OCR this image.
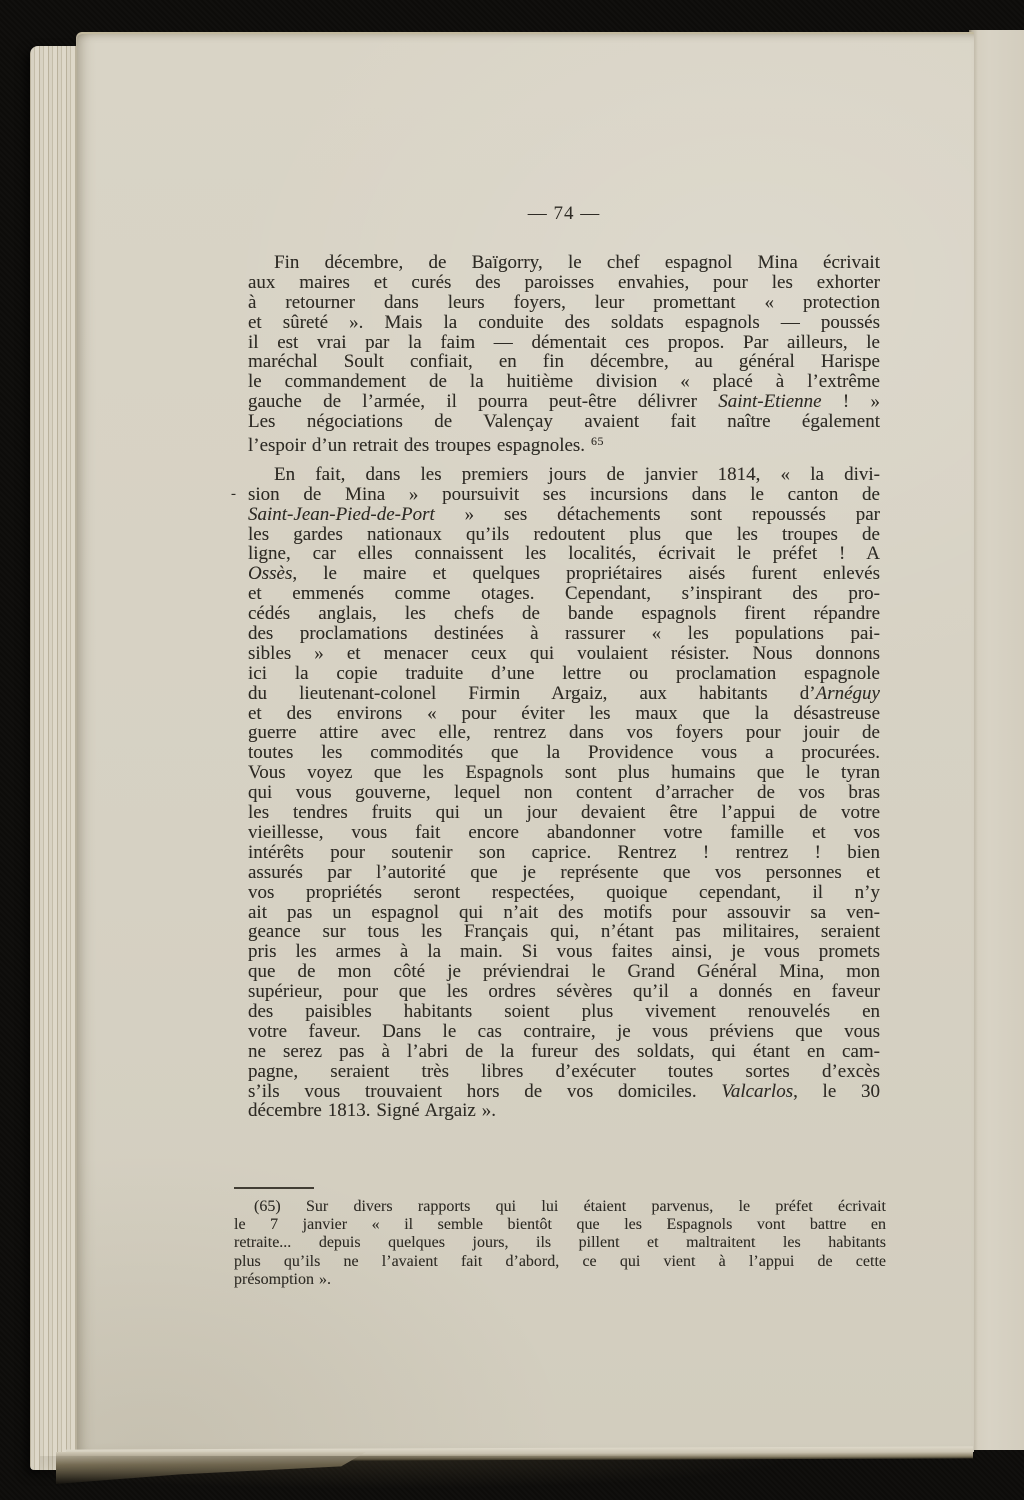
— 74 —
Fin décembre, de Baïgorry, le chef espagnol Mina écrivait
aux maires et curés des paroisses envahies, pour les exhorter
à retourner dans leurs foyers, leur promettant « protection
et sûreté ». Mais la conduite des soldats espagnols — poussés
il est vrai par la faim — démentait ces propos. Par ailleurs, le
maréchal Soult confiait, en fin décembre, au général Harispe
le commandement de la huitième division « placé à l’extrême
gauche de l’armée, il pourra peut-être délivrer Saint-Etienne ! »
Les négociations de Valençay avaient fait naître également
l’espoir d’un retrait des troupes espagnoles. $^{65}$
En fait, dans les premiers jours de janvier 1814, « la divi-
- sion de Mina » poursuivit ses incursions dans le canton de
Saint-Jean-Pied-de-Port » ses détachements sont repoussés par
les gardes nationaux qu’ils redoutent plus que les troupes de
ligne, car elles connaissent les localités, écrivait le préfet ! A
Ossès, le maire et quelques propriétaires aisés furent enlevés
et emmenés comme otages. Cependant, s’inspirant des pro-
cédés anglais, les chefs de bande espagnols firent répandre
des proclamations destinées à rassurer « les populations pai-
sibles » et menacer ceux qui voulaient résister. Nous donnons
ici la copie traduite d’une lettre ou proclamation espagnole
du lieutenant-colonel Firmin Argaiz, aux habitants d’Arnéguy
et des environs « pour éviter les maux que la désastreuse
guerre attire avec elle, rentrez dans vos foyers pour jouir de
toutes les commodités que la Providence vous a procurées.
Vous voyez que les Espagnols sont plus humains que le tyran
qui vous gouverne, lequel non content d’arracher de vos bras
les tendres fruits qui un jour devaient être l’appui de votre
vieillesse, vous fait encore abandonner votre famille et vos
intérêts pour soutenir son caprice. Rentrez ! rentrez ! bien
assurés par l’autorité que je représente que vos personnes et
vos propriétés seront respectées, quoique cependant, il n’y
ait pas un espagnol qui n’ait des motifs pour assouvir sa ven-
geance sur tous les Français qui, n’étant pas militaires, seraient
pris les armes à la main. Si vous faites ainsi, je vous promets
que de mon côté je préviendrai le Grand Général Mina, mon
supérieur, pour que les ordres sévères qu’il a donnés en faveur
des paisibles habitants soient plus vivement renouvelés en
votre faveur. Dans le cas contraire, je vous préviens que vous
ne serez pas à l’abri de la fureur des soldats, qui étant en cam-
pagne, seraient très libres d’exécuter toutes sortes d’excès
s’ils vous trouvaient hors de vos domiciles. Valcarlos, le 30
décembre 1813. Signé Argaiz ».
(65) Sur divers rapports qui lui étaient parvenus, le préfet écrivait
le 7 janvier « il semble bientôt que les Espagnols vont battre en
retraite... depuis quelques jours, ils pillent et maltraitent les habitants
plus qu’ils ne l’avaient fait d’abord, ce qui vient à l’appui de cette
présomption ».
